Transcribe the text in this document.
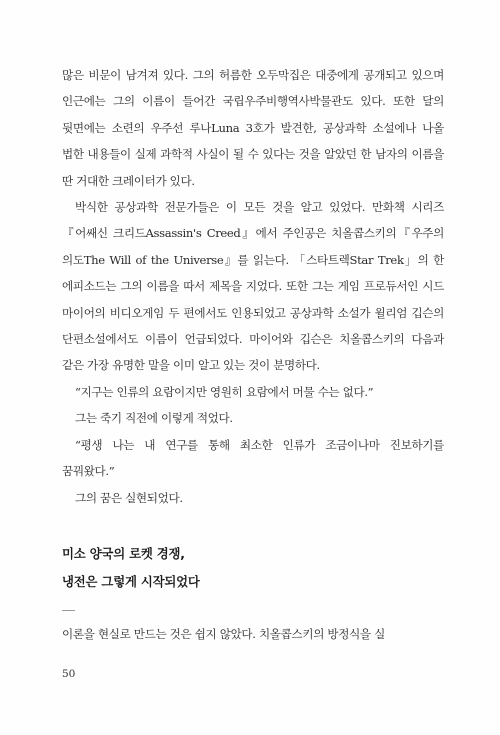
많은 비문이 남겨져 있다. 그의 허름한 오두막집은 대중에게 공개되고 있으며 인근에는 그의 이름이 들어간 국립우주비행역사박물관도 있다. 또한 달의 뒷면에는 소련의 우주선 루나Luna 3호가 발견한, 공상과학 소설에나 나올 법한 내용들이 실제 과학적 사실이 될 수 있다는 것을 알았던 한 남자의 이름을 딴 거대한 크레이터가 있다.

박식한 공상과학 전문가들은 이 모든 것을 알고 있었다. 만화책 시리즈『어쌔신 크리드Assassin's Creed』에서 주인공은 치올콥스키의『우주의 의도The Will of the Universe』를 읽는다. 「스타트렉Star Trek」의 한 에피소드는 그의 이름을 따서 제목을 지었다. 또한 그는 게임 프로듀서인 시드 마이어의 비디오게임 두 편에서도 인용되었고 공상과학 소설가 윌리엄 깁슨의 단편소설에서도 이름이 언급되었다. 마이어와 깁슨은 치올콥스키의 다음과 같은 가장 유명한 말을 이미 알고 있는 것이 분명하다.

“지구는 인류의 요람이지만 영원히 요람에서 머물 수는 없다.”

그는 죽기 직전에 이렇게 적었다.

“평생 나는 내 연구를 통해 최소한 인류가 조금이나마 진보하기를 꿈꿔왔다.”

그의 꿈은 실현되었다.

미소 양국의 로켓 경쟁,
냉전은 그렇게 시작되었다

이론을 현실로 만드는 것은 쉽지 않았다. 치올콥스키의 방정식을 실

50
